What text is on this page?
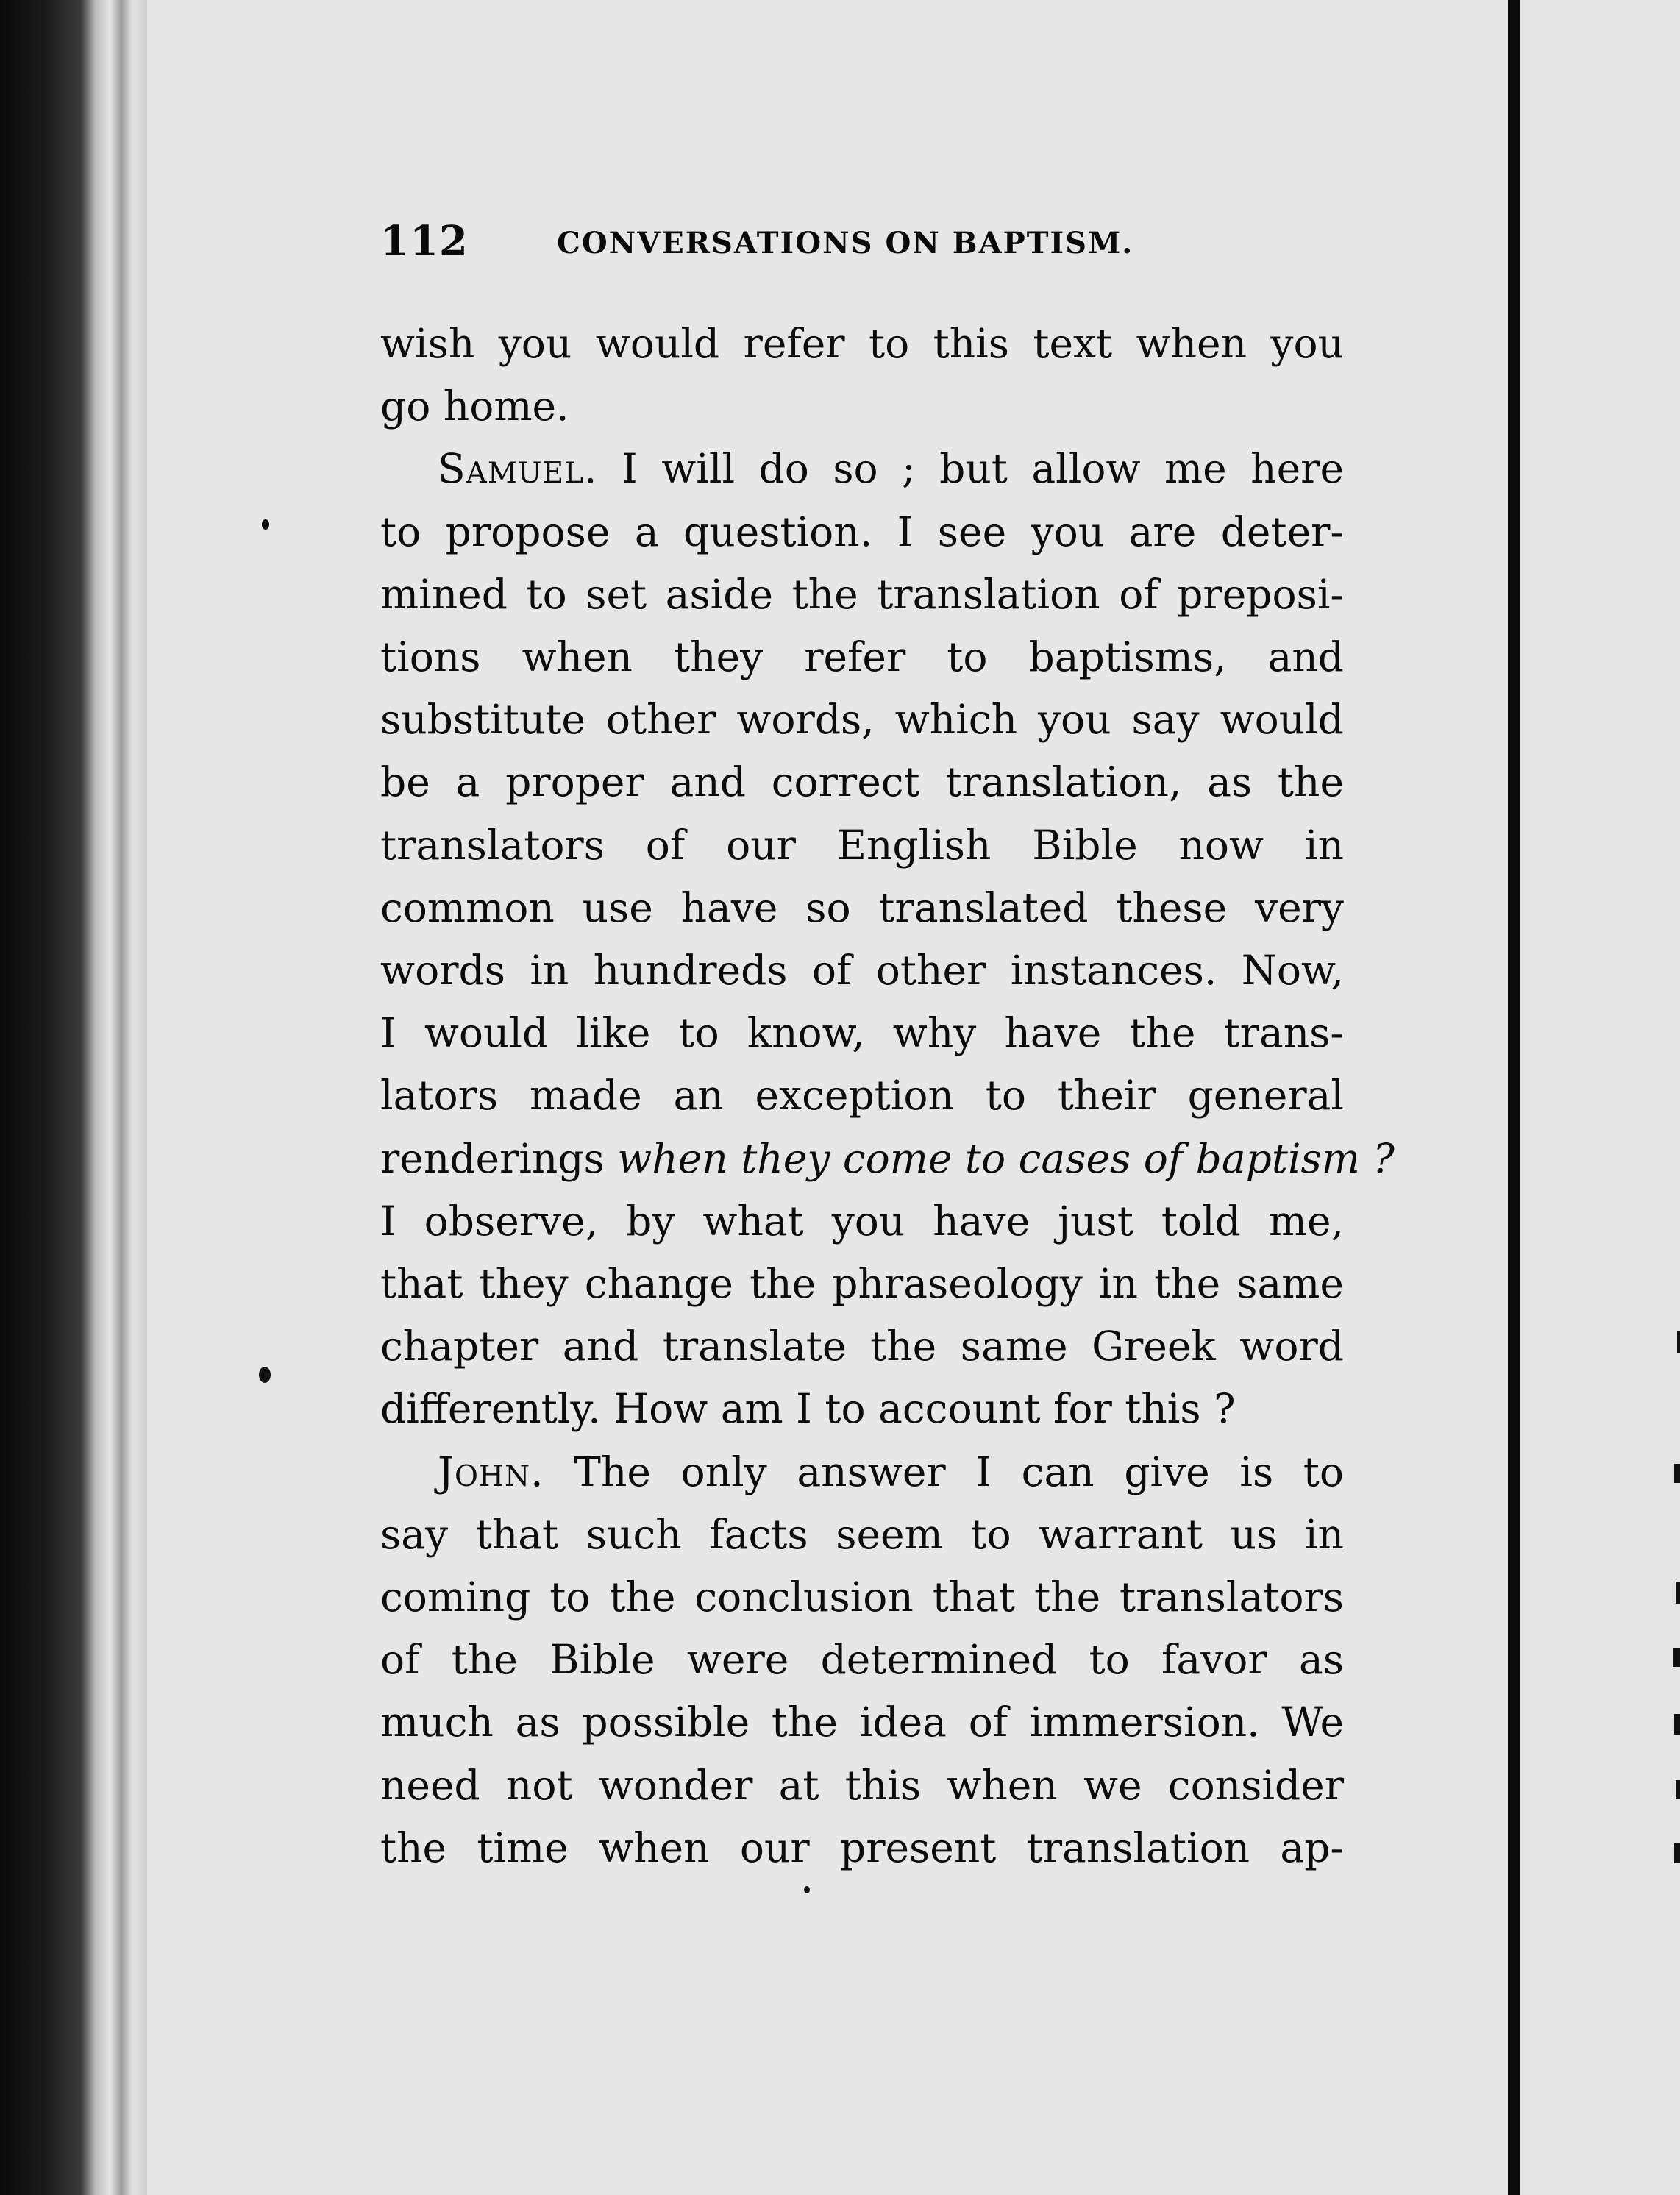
112	CONVERSATIONS ON BAPTISM.
wish you would refer to this text when you
go home.
Samuel. I will do so ; but allow me here
to propose a question. I see you are deter-
mined to set aside the translation of preposi-
tions when they refer to baptisms, and
substitute other words, which you say would
be a proper and correct translation, as the
translators of our English Bible now in
common use have so translated these very
words in hundreds of other instances. Now,
I would like to know, why have the trans-
lators made an exception to their general
renderings when they come to cases of baptism ?
I observe, by what you have just told me,
that they change the phraseology in the same
chapter and translate the same Greek word
differently. How am I to account for this ?
John. The only answer I can give is to
say that such facts seem to warrant us in
coming to the conclusion that the translators
of the Bible were determined to favor as
much as possible the idea of immersion. We
need not wonder at this when we consider
the time when our present translation ap-
